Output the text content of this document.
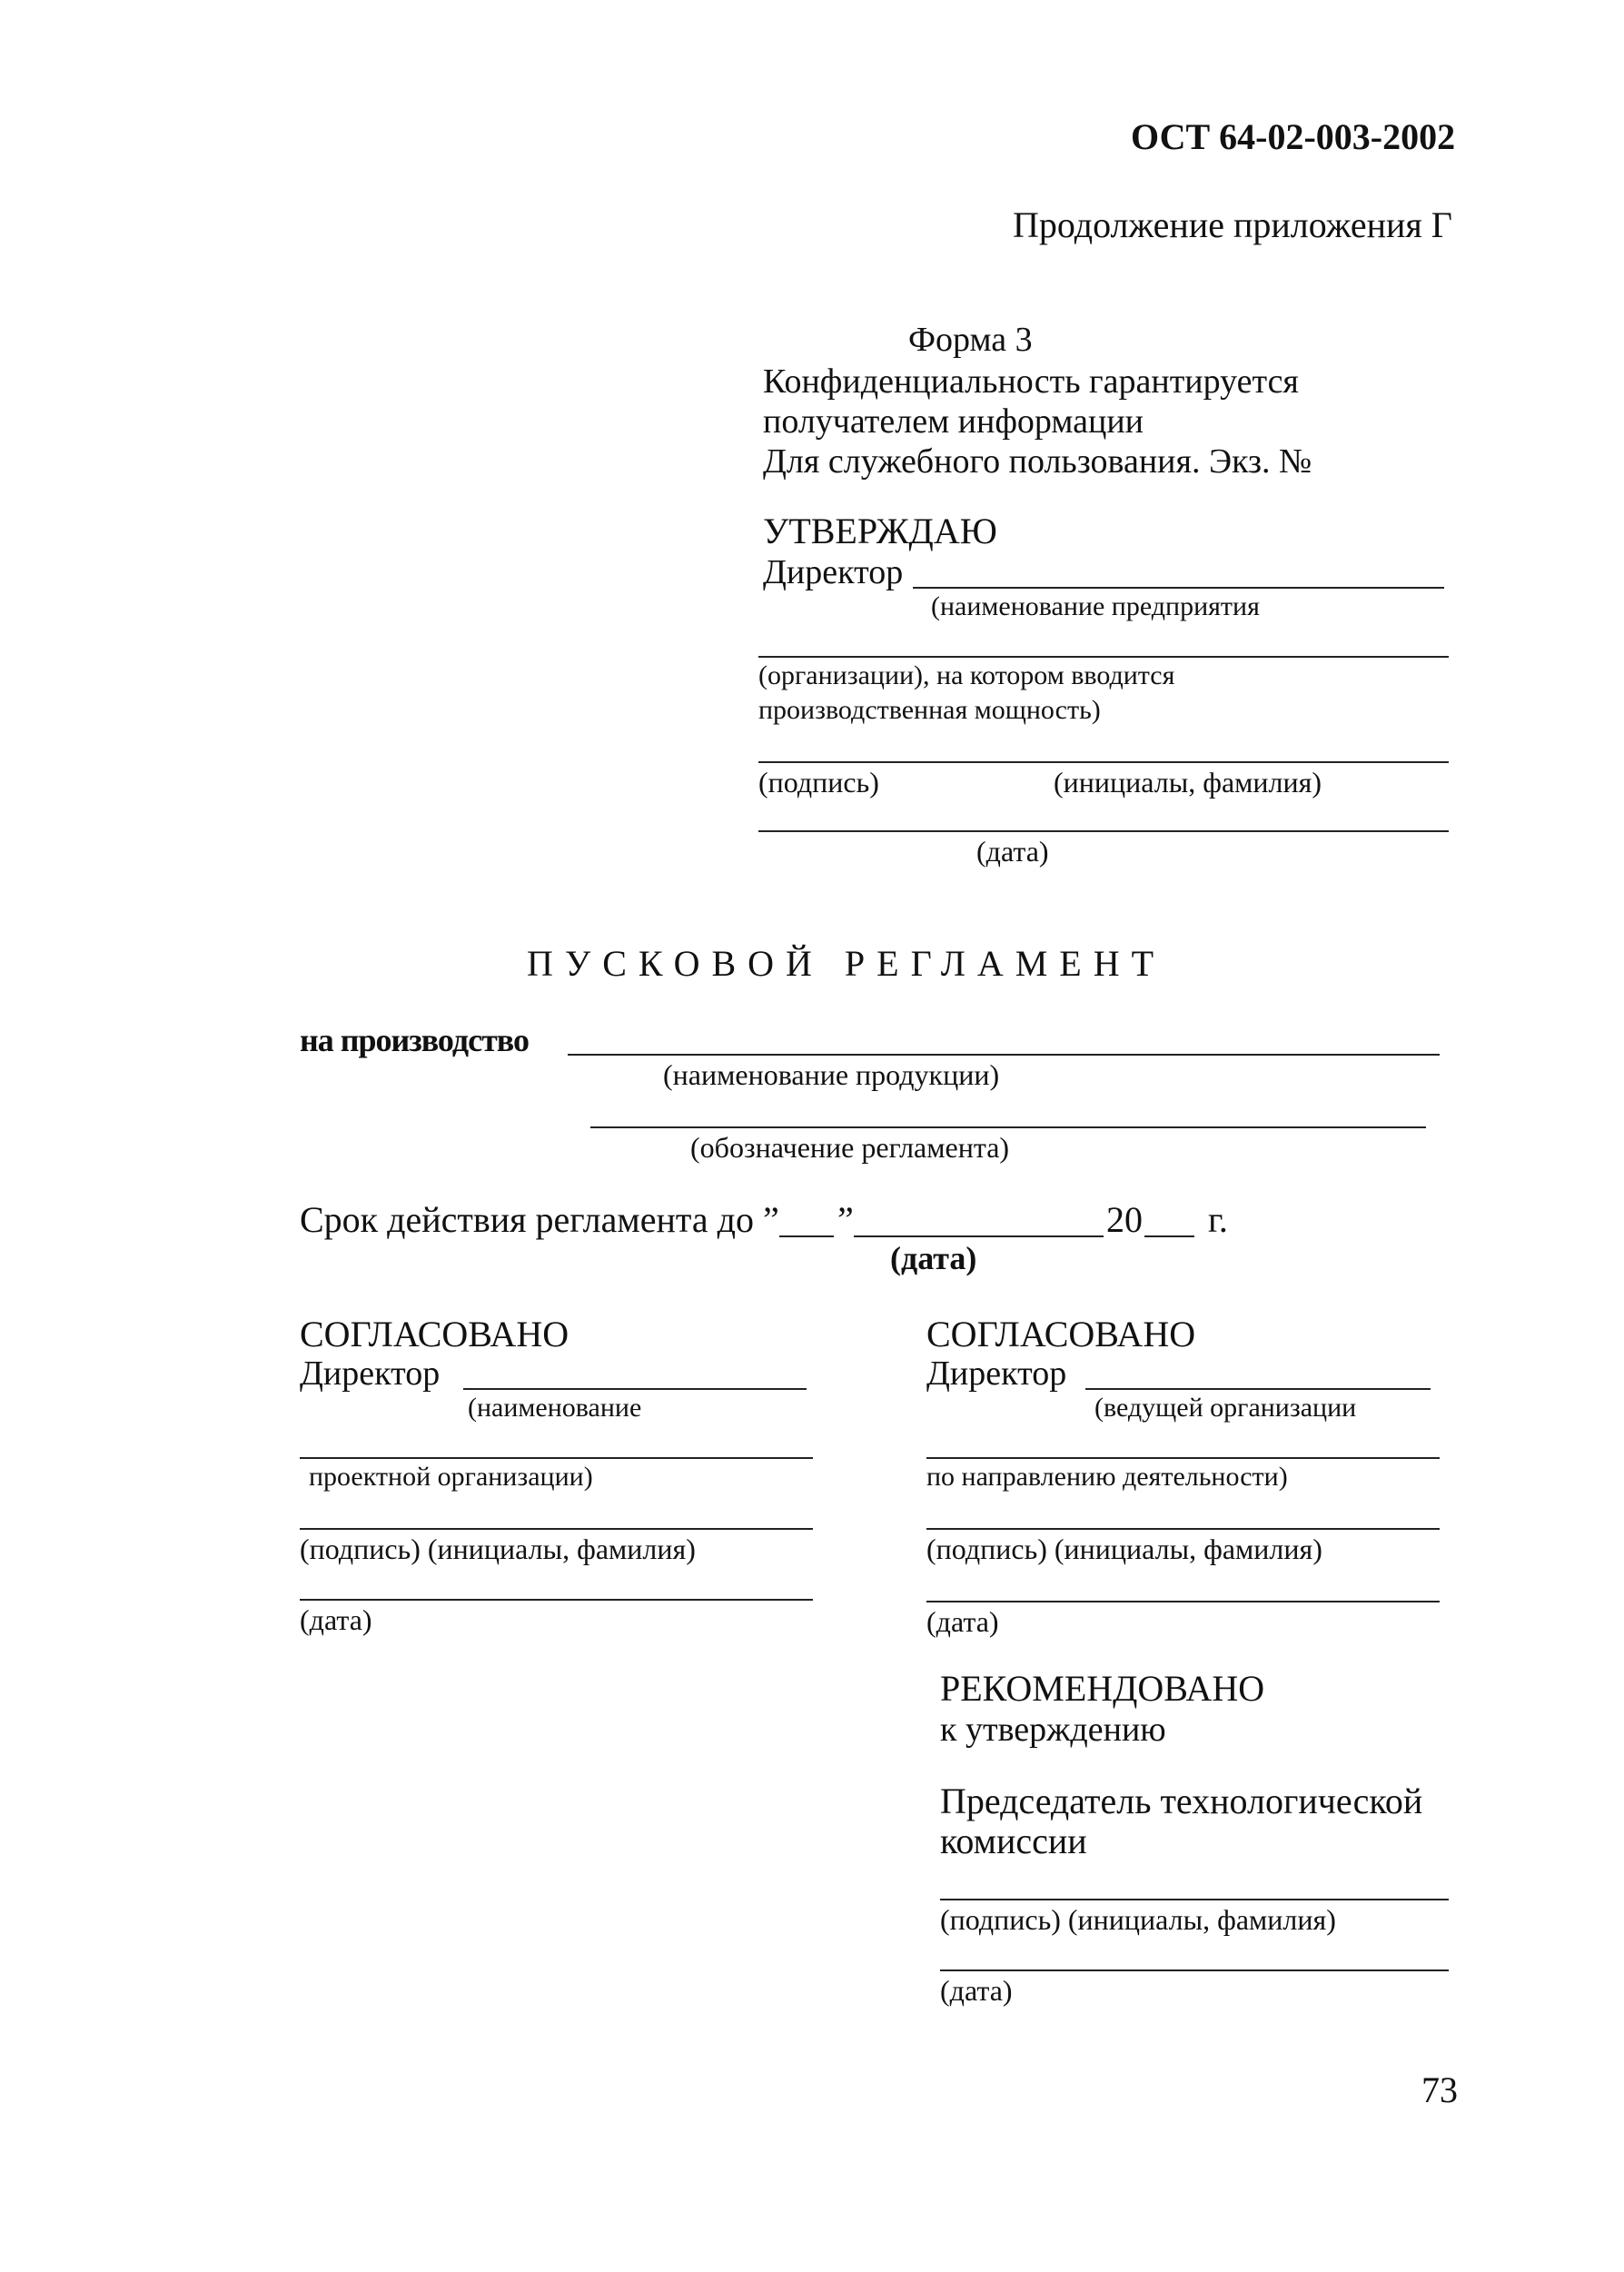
ОСТ 64-02-003-2002
Продолжение приложения Г
Форма 3
Конфиденциальность гарантируется
получателем информации
Для служебного пользования. Экз. №
УТВЕРЖДАЮ
Директор
(наименование предприятия
(организации), на котором вводится
производственная мощность)
(подпись)	(инициалы, фамилия)
(дата)
ПУСКОВОЙ РЕГЛАМЕНТ
на производство
(наименование продукции)
(обозначение регламента)
Срок действия регламента до ” ”	20 г.
(дата)
СОГЛАСОВАНО
Директор
(наименование
проектной организации)
(подпись) (инициалы, фамилия)
(дата)
СОГЛАСОВАНО
Директор
(ведущей организации
по направлению деятельности)
(подпись) (инициалы, фамилия)
(дата)
РЕКОМЕНДОВАНО
к утверждению
Председатель технологической
комиссии
(подпись) (инициалы, фамилия)
(дата)
73
